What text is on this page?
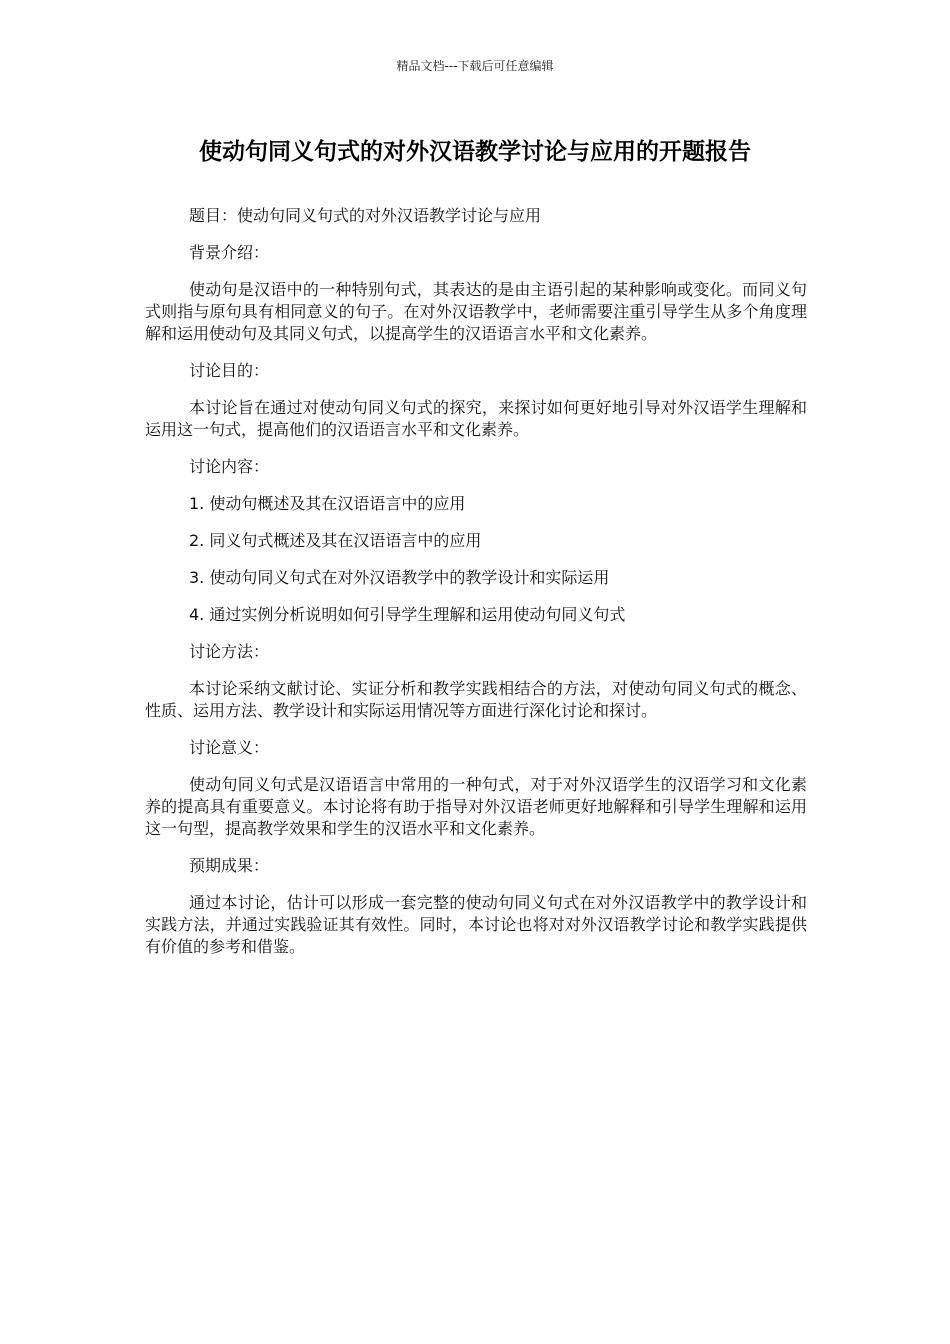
精品文档---下载后可任意编辑
使动句同义句式的对外汉语教学讨论与应用的开题报告

题目：使动句同义句式的对外汉语教学讨论与应用

背景介绍：

使动句是汉语中的一种特别句式，其表达的是由主语引起的某种影响或变化。而同义句式则指与原句具有相同意义的句子。在对外汉语教学中，老师需要注重引导学生从多个角度理解和运用使动句及其同义句式，以提高学生的汉语语言水平和文化素养。

讨论目的：

本讨论旨在通过对使动句同义句式的探究，来探讨如何更好地引导对外汉语学生理解和运用这一句式，提高他们的汉语语言水平和文化素养。

讨论内容：

1. 使动句概述及其在汉语语言中的应用

2. 同义句式概述及其在汉语语言中的应用

3. 使动句同义句式在对外汉语教学中的教学设计和实际运用

4. 通过实例分析说明如何引导学生理解和运用使动句同义句式

讨论方法：

本讨论采纳文献讨论、实证分析和教学实践相结合的方法，对使动句同义句式的概念、性质、运用方法、教学设计和实际运用情况等方面进行深化讨论和探讨。

讨论意义：

使动句同义句式是汉语语言中常用的一种句式，对于对外汉语学生的汉语学习和文化素养的提高具有重要意义。本讨论将有助于指导对外汉语老师更好地解释和引导学生理解和运用这一句型，提高教学效果和学生的汉语水平和文化素养。

预期成果：

通过本讨论，估计可以形成一套完整的使动句同义句式在对外汉语教学中的教学设计和实践方法，并通过实践验证其有效性。同时，本讨论也将对对外汉语教学讨论和教学实践提供有价值的参考和借鉴。
